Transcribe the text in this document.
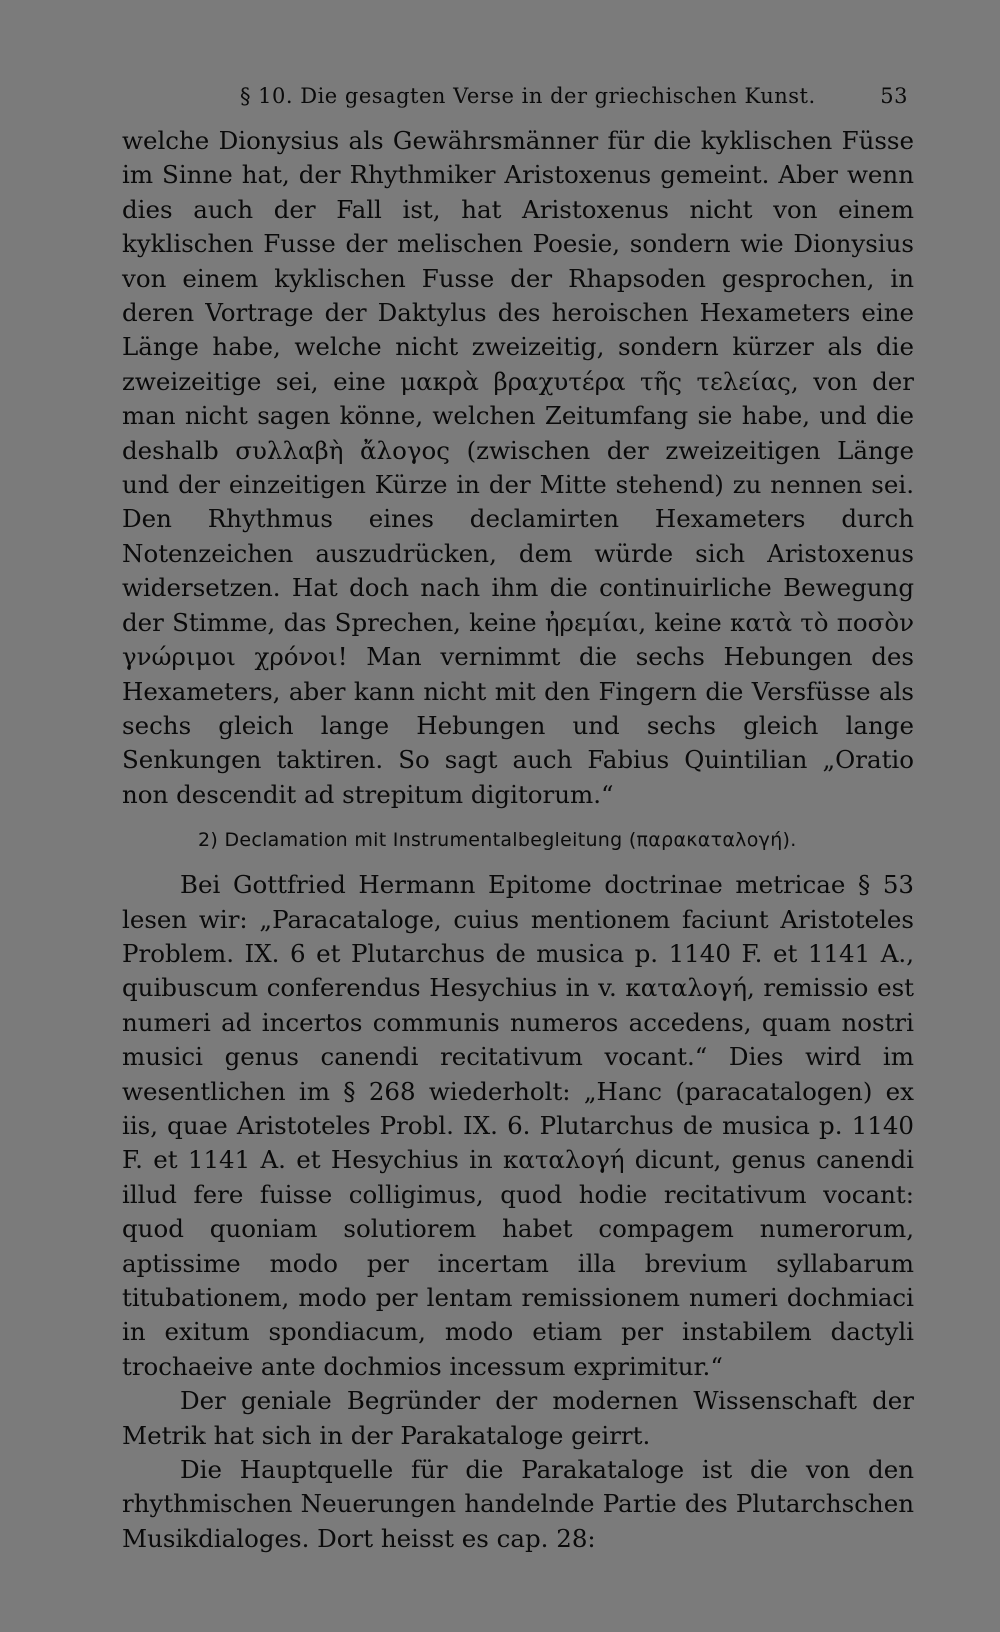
§ 10. Die gesagten Verse in der griechischen Kunst.	53

welche Dionysius als Gewährsmänner für die kyklischen Füsse im Sinne hat, der Rhythmiker Aristoxenus gemeint. Aber wenn dies auch der Fall ist, hat Aristoxenus nicht von einem kyklischen Fusse der melischen Poesie, sondern wie Dionysius von einem kyklischen Fusse der Rhapsoden gesprochen, in deren Vortrage der Daktylus des heroischen Hexameters eine Länge habe, welche nicht zweizeitig, sondern kürzer als die zweizeitige sei, eine μακρὰ βραχυτέρα τῆς τελείας, von der man nicht sagen könne, welchen Zeitumfang sie habe, und die deshalb συλλαβὴ ἄλογος (zwischen der zweizeitigen Länge und der einzeitigen Kürze in der Mitte stehend) zu nennen sei. Den Rhythmus eines declamirten Hexameters durch Notenzeichen auszudrücken, dem würde sich Aristoxenus widersetzen. Hat doch nach ihm die continuirliche Bewegung der Stimme, das Sprechen, keine ἠρεμίαι, keine κατὰ τὸ ποσὸν γνώριμοι χρόνοι! Man vernimmt die sechs Hebungen des Hexameters, aber kann nicht mit den Fingern die Versfüsse als sechs gleich lange Hebungen und sechs gleich lange Senkungen taktiren. So sagt auch Fabius Quintilian „Oratio non descendit ad strepitum digitorum.“

2) Declamation mit Instrumentalbegleitung (παρακαταλογή).

Bei Gottfried Hermann Epitome doctrinae metricae § 53 lesen wir: „Paracataloge, cuius mentionem faciunt Aristoteles Problem. IX. 6 et Plutarchus de musica p. 1140 F. et 1141 A., quibuscum conferendus Hesychius in v. καταλογή, remissio est numeri ad incertos communis numeros accedens, quam nostri musici genus canendi recitativum vocant.“ Dies wird im wesentlichen im § 268 wiederholt: „Hanc (paracatalogen) ex iis, quae Aristoteles Probl. IX. 6. Plutarchus de musica p. 1140 F. et 1141 A. et Hesychius in καταλογή dicunt, genus canendi illud fere fuisse colligimus, quod hodie recitativum vocant: quod quoniam solutiorem habet compagem numerorum, aptissime modo per incertam illa brevium syllabarum titubationem, modo per lentam remissionem numeri dochmiaci in exitum spondiacum, modo etiam per instabilem dactyli trochaeive ante dochmios incessum exprimitur.“

Der geniale Begründer der modernen Wissenschaft der Metrik hat sich in der Parakataloge geirrt.

Die Hauptquelle für die Parakataloge ist die von den rhythmischen Neuerungen handelnde Partie des Plutarchschen Musikdialoges. Dort heisst es cap. 28:
